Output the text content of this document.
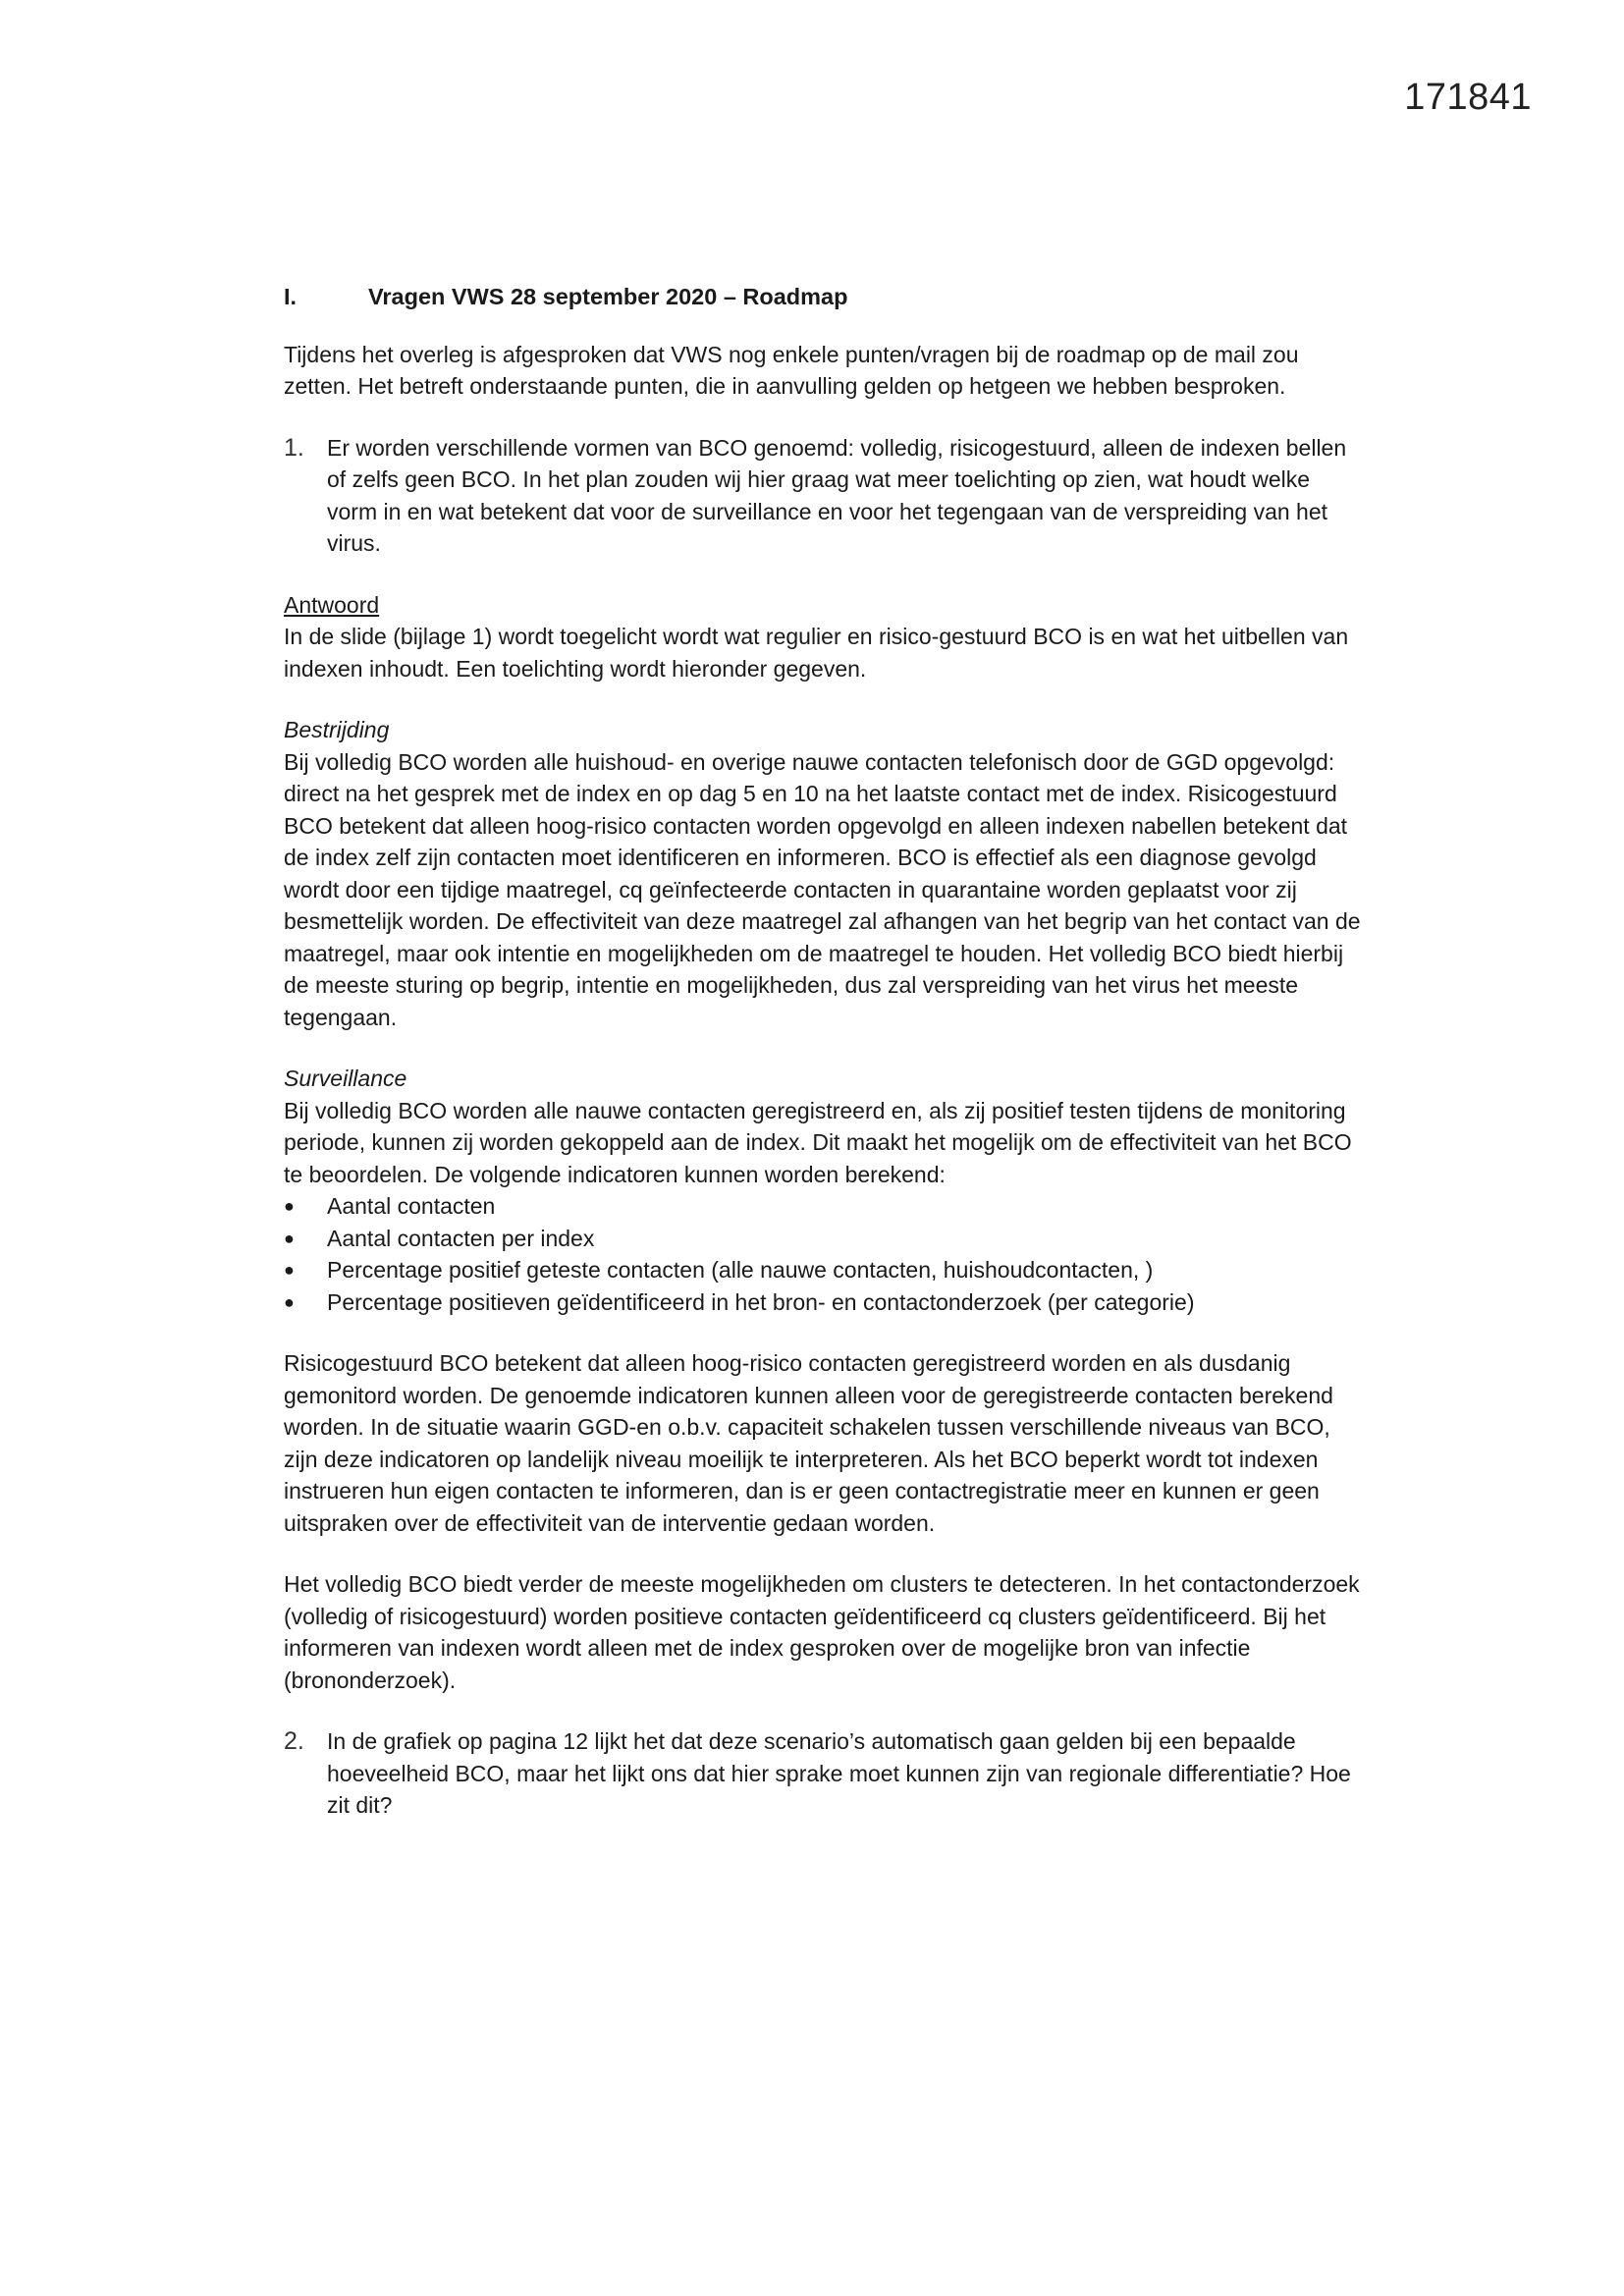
171841
I.	Vragen VWS 28 september 2020 – Roadmap

Tijdens het overleg is afgesproken dat VWS nog enkele punten/vragen bij de roadmap op de mail zou zetten. Het betreft onderstaande punten, die in aanvulling gelden op hetgeen we hebben besproken.

1.	Er worden verschillende vormen van BCO genoemd: volledig, risicogestuurd, alleen de indexen bellen of zelfs geen BCO. In het plan zouden wij hier graag wat meer toelichting op zien, wat houdt welke vorm in en wat betekent dat voor de surveillance en voor het tegengaan van de verspreiding van het virus.

Antwoord

In de slide (bijlage 1) wordt toegelicht wordt wat regulier en risico-gestuurd BCO is en wat het uitbellen van indexen inhoudt. Een toelichting wordt hieronder gegeven.

Bestrijding

Bij volledig BCO worden alle huishoud- en overige nauwe contacten telefonisch door de GGD opgevolgd: direct na het gesprek met de index en op dag 5 en 10 na het laatste contact met de index. Risicogestuurd BCO betekent dat alleen hoog-risico contacten worden opgevolgd en alleen indexen nabellen betekent dat de index zelf zijn contacten moet identificeren en informeren. BCO is effectief als een diagnose gevolgd wordt door een tijdige maatregel, cq geïnfecteerde contacten in quarantaine worden geplaatst voor zij besmettelijk worden. De effectiviteit van deze maatregel zal afhangen van het begrip van het contact van de maatregel, maar ook intentie en mogelijkheden om de maatregel te houden. Het volledig BCO biedt hierbij de meeste sturing op begrip, intentie en mogelijkheden, dus zal verspreiding van het virus het meeste tegengaan.

Surveillance

Bij volledig BCO worden alle nauwe contacten geregistreerd en, als zij positief testen tijdens de monitoring periode, kunnen zij worden gekoppeld aan de index. Dit maakt het mogelijk om de effectiviteit van het BCO te beoordelen. De volgende indicatoren kunnen worden berekend:

●	Aantal contacten
●	Aantal contacten per index
●	Percentage positief geteste contacten (alle nauwe contacten, huishoudcontacten, )
●	Percentage positieven geïdentificeerd in het bron- en contactonderzoek (per categorie)

Risicogestuurd BCO betekent dat alleen hoog-risico contacten geregistreerd worden en als dusdanig gemonitord worden. De genoemde indicatoren kunnen alleen voor de geregistreerde contacten berekend worden. In de situatie waarin GGD-en o.b.v. capaciteit schakelen tussen verschillende niveaus van BCO, zijn deze indicatoren op landelijk niveau moeilijk te interpreteren. Als het BCO beperkt wordt tot indexen instrueren hun eigen contacten te informeren, dan is er geen contactregistratie meer en kunnen er geen uitspraken over de effectiviteit van de interventie gedaan worden.

Het volledig BCO biedt verder de meeste mogelijkheden om clusters te detecteren. In het contactonderzoek (volledig of risicogestuurd) worden positieve contacten geïdentificeerd cq clusters geïdentificeerd. Bij het informeren van indexen wordt alleen met de index gesproken over de mogelijke bron van infectie (brononderzoek).

2.	In de grafiek op pagina 12 lijkt het dat deze scenario’s automatisch gaan gelden bij een bepaalde hoeveelheid BCO, maar het lijkt ons dat hier sprake moet kunnen zijn van regionale differentiatie? Hoe zit dit?
